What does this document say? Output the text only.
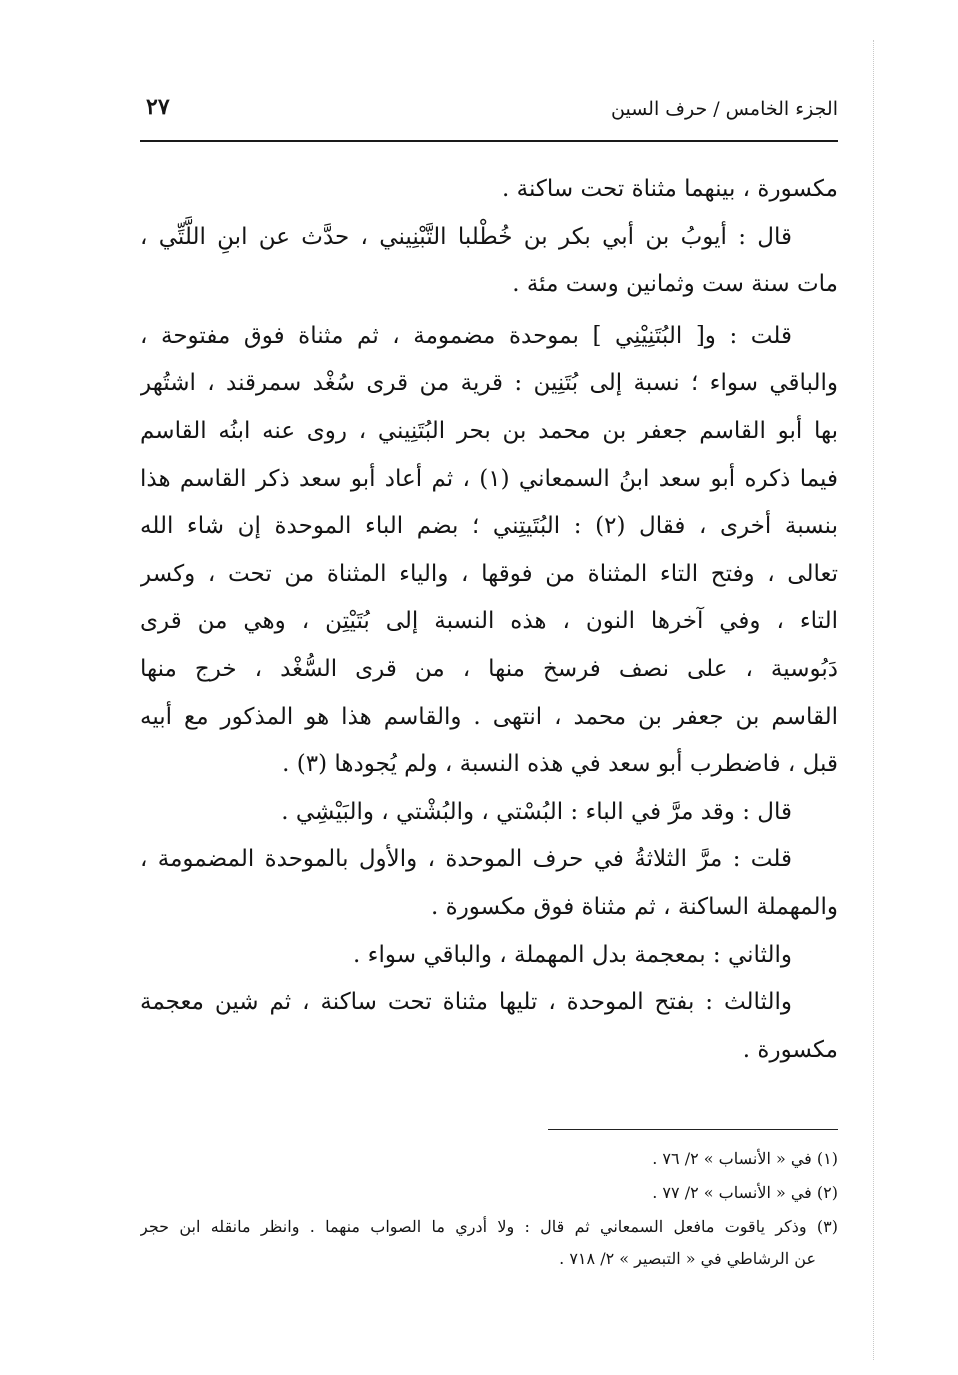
الجزء الخامس / حرف السين
٢٧
مكسورة ، بينهما مثناة تحت ساكنة .
قال : أيوبُ بن أبي بكر بن خُطْلبا التَّبْنِيني ، حدَّث عن ابنِ اللَّتِّي ،
مات سنة ست وثمانين وست مئة .
قلت : و[ البُتَنِيْنِي ] بموحدة مضمومة ، ثم مثناة فوق مفتوحة ،
والباقي سواء ؛ نسبة إلى بُتَنِين : قرية من قرى سُغْد سمرقند ، اشتُهر
بها أبو القاسم جعفر بن محمد بن بحر البُتَنِيني ، روى عنه ابنُه القاسم
فيما ذكره أبو سعد ابنُ السمعاني (١) ، ثم أعاد أبو سعد ذكر القاسم هذا
بنسبة أخرى ، فقال (٢) : البُتَيتِني ؛ بضم الباء الموحدة إن شاء الله
تعالى ، وفتح التاء المثناة من فوقها ، والياء المثناة من تحت ، وكسر
التاء ، وفي آخرها النون ، هذه النسبة إلى بُتَيْتِن ، وهي من قرى
دَبُوسية ، على نصف فرسخ منها ، من قرى السُّغْد ، خرج منها
القاسم بن جعفر بن محمد ، انتهى . والقاسم هذا هو المذكور مع أبيه
قبل ، فاضطرب أبو سعد في هذه النسبة ، ولم يُجودها (٣) .
قال : وقد مرَّ في الباء : البُسْتي ، والبُشْتي ، والبَيْشِي .
قلت : مرَّ الثلاثةُ في حرف الموحدة ، والأول بالموحدة المضمومة ،
والمهملة الساكنة ، ثم مثناة فوق مكسورة .
والثاني : بمعجمة بدل المهملة ، والباقي سواء .
والثالث : بفتح الموحدة ، تليها مثناة تحت ساكنة ، ثم شين معجمة
مكسورة .
(١) في « الأنساب » ٢/ ٧٦ .
(٢) في « الأنساب » ٢/ ٧٧ .
(٣) وذكر ياقوت مافعل السمعاني ثم قال : ولا أدري ما الصواب منهما . وانظر مانقله ابن حجر
عن الرشاطي في « التبصير » ٢/ ٧١٨ .
